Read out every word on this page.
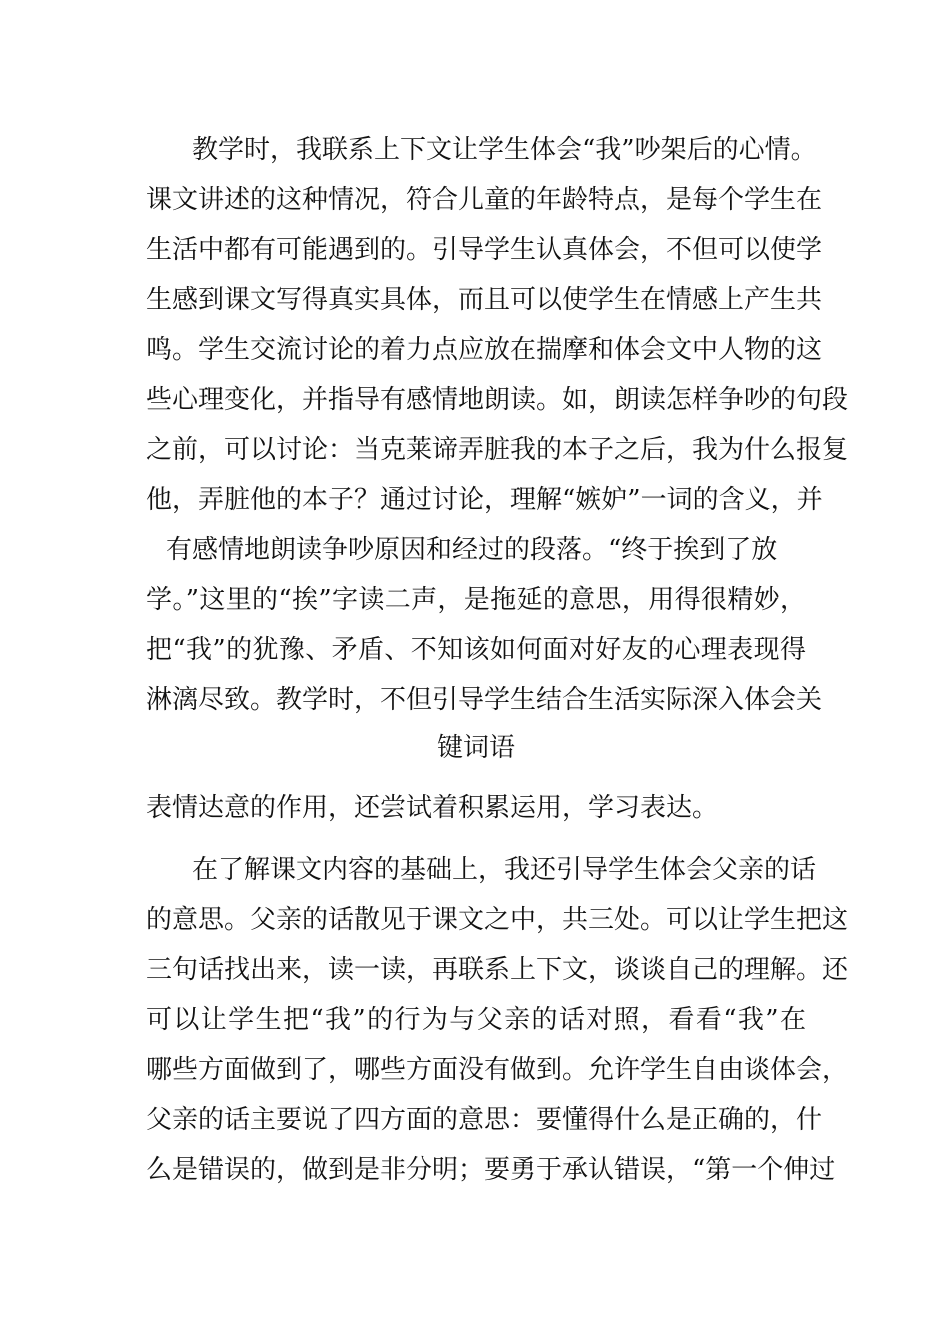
教学时，我联系上下文让学生体会“我”吵架后的心情。
课文讲述的这种情况，符合儿童的年龄特点，是每个学生在
生活中都有可能遇到的。引导学生认真体会，不但可以使学
生感到课文写得真实具体，而且可以使学生在情感上产生共
鸣。学生交流讨论的着力点应放在揣摩和体会文中人物的这
些心理变化，并指导有感情地朗读。如，朗读怎样争吵的句段
之前，可以讨论：当克莱谛弄脏我的本子之后，我为什么报复
他，弄脏他的本子？通过讨论，理解“嫉妒”一词的含义，并
有感情地朗读争吵原因和经过的段落。“终于挨到了放
学。”这里的“挨”字读二声，是拖延的意思，用得很精妙，
把“我”的犹豫、矛盾、不知该如何面对好友的心理表现得
淋漓尽致。教学时，不但引导学生结合生活实际深入体会关
键词语
表情达意的作用，还尝试着积累运用，学习表达。
在了解课文内容的基础上，我还引导学生体会父亲的话
的意思。父亲的话散见于课文之中，共三处。可以让学生把这
三句话找出来，读一读，再联系上下文，谈谈自己的理解。还
可以让学生把“我”的行为与父亲的话对照，看看“我”在
哪些方面做到了，哪些方面没有做到。允许学生自由谈体会，
父亲的话主要说了四方面的意思：要懂得什么是正确的，什
么是错误的，做到是非分明；要勇于承认错误，“第一个伸过
